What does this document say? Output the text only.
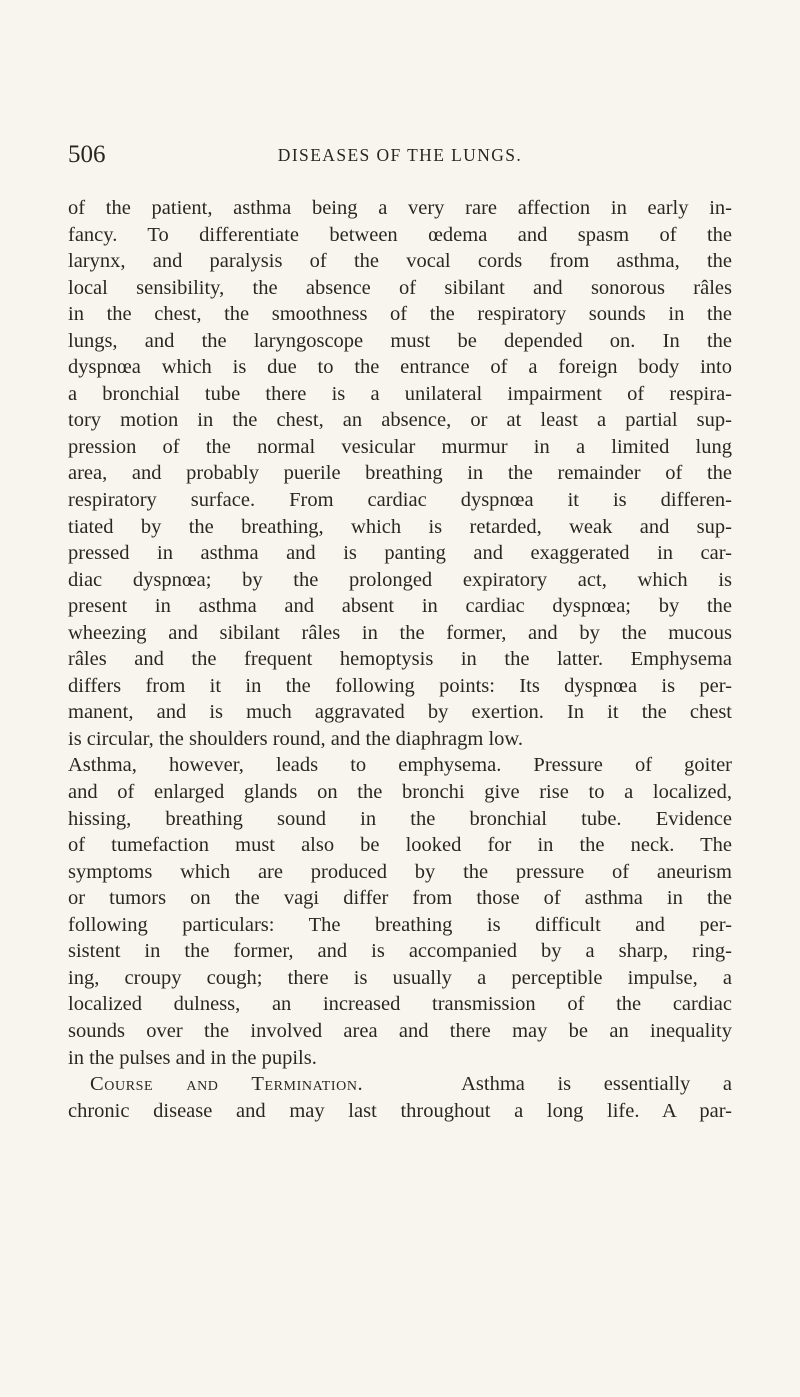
506	DISEASES OF THE LUNGS.
of the patient, asthma being a very rare affection in early in-
fancy. To differentiate between œdema and spasm of the
larynx, and paralysis of the vocal cords from asthma, the
local sensibility, the absence of sibilant and sonorous râles
in the chest, the smoothness of the respiratory sounds in the
lungs, and the laryngoscope must be depended on. In the
dyspnœa which is due to the entrance of a foreign body into
a bronchial tube there is a unilateral impairment of respira-
tory motion in the chest, an absence, or at least a partial sup-
pression of the normal vesicular murmur in a limited lung
area, and probably puerile breathing in the remainder of the
respiratory surface. From cardiac dyspnœa it is differen-
tiated by the breathing, which is retarded, weak and sup-
pressed in asthma and is panting and exaggerated in car-
diac dyspnœa; by the prolonged expiratory act, which is
present in asthma and absent in cardiac dyspnœa; by the
wheezing and sibilant râles in the former, and by the mucous
râles and the frequent hemoptysis in the latter. Emphysema
differs from it in the following points: Its dyspnœa is per-
manent, and is much aggravated by exertion. In it the chest
is circular, the shoulders round, and the diaphragm low.
Asthma, however, leads to emphysema. Pressure of goiter
and of enlarged glands on the bronchi give rise to a localized,
hissing, breathing sound in the bronchial tube. Evidence
of tumefaction must also be looked for in the neck. The
symptoms which are produced by the pressure of aneurism
or tumors on the vagi differ from those of asthma in the
following particulars: The breathing is difficult and per-
sistent in the former, and is accompanied by a sharp, ring-
ing, croupy cough; there is usually a perceptible impulse, a
localized dulness, an increased transmission of the cardiac
sounds over the involved area and there may be an inequality
in the pulses and in the pupils.
Course and Termination.	Asthma is essentially a
chronic disease and may last throughout a long life. A par-
